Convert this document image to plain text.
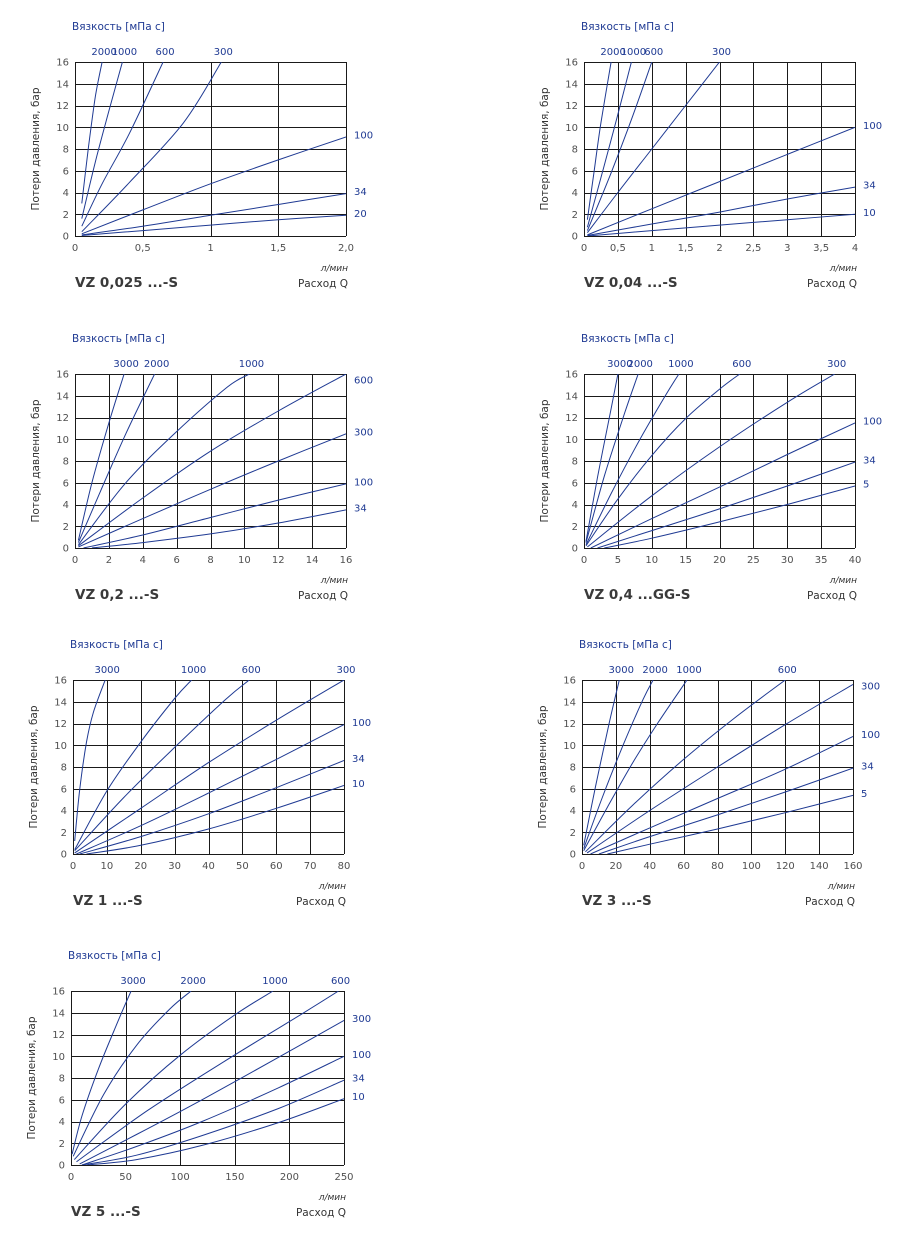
0	0,5	1	1,5	2,0
0
2
4
6
8
10
12
14
16
2000
1000 600	300
100
34
20
Вязкость [мПа с]
Потери давления, бар
л/мин
Расход Q
VZ 0,025 ...-S
0 0,5 1 1,5 2 2,5 3 3,5 4
0
2
4
6
8
10
12
14
16
2000
1000
600	300
100
34
10
Вязкость [мПа с]
Потери давления, бар
л/мин
Расход Q
VZ 0,04 ...-S
0	2	4	6	8 10 12 14 16
0
2
4
6
8
10
12
14
16
3000 2000	1000
600
300
100
34
Вязкость [мПа с]
Потери давления, бар
л/мин
Расход Q
VZ 0,2 ...-S
0	5 10 15 20 25 30 35 40
0
2
4
6
8
10
12
14
16
3000
2000 1000	600	300
100
34
5
Вязкость [мПа с]
Потери давления, бар
л/мин
Расход Q
VZ 0,4 ...GG-S
0 10 20 30 40 50 60 70 80
0
2
4
6
8
10
12
14
16
3000	1000	600	300
100
34
10
Вязкость [мПа с]
Потери давления, бар
л/мин
Расход Q
VZ 1 ...-S
0 20 40 60 80 100 120 140 160
0
2
4
6
8
10
12
14
16
3000 2000 1000	600
300
100
34
5
Вязкость [мПа с]
Потери давления, бар
л/мин
Расход Q
VZ 3 ...-S
0	50	100	150	200	250
0
2
4
6
8
10
12
14
16
3000	2000	1000	600
300
100
34
10
Вязкость [мПа с]
Потери давления, бар
л/мин
Расход Q
VZ 5 ...-S
